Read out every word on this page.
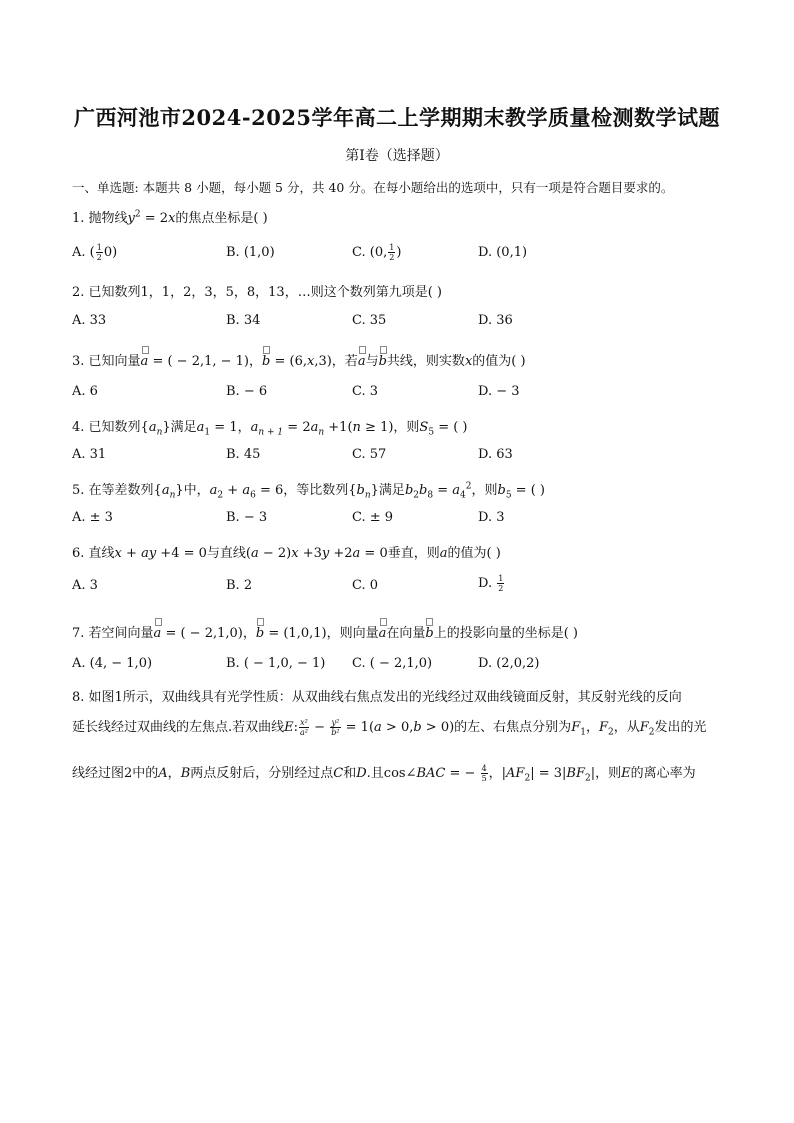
广西河池市2024-2025学年高二上学期期末教学质量检测数学试题
第I卷（选择题）
一、单选题: 本题共 8 小题，每小题 5 分，共 40 分。在每小题给出的选项中，只有一项是符合题目要求的。
1. 抛物线$y^2 = 2x$的焦点坐标是( )
A. ( $\frac{1}{2} 0$)	B. (1,0)	C. (0, $\frac{1}{2}$ )	D. (0,1)
2. 已知数列1，1，2，3，5，8，13，…则这个数列第九项是( )
A. 33	B. 34	C. 35	D. 36
3. 已知向量
a = ( − 2,1, − 1)，
b = (6,x,3)，若
a与
b共线，则实数x的值为( )
A. 6	B. − 6	C. 3	D. − 3
4. 已知数列$\{a_n\}$满足$a_1 = 1$，$a_{n + 1} = 2a_n +1(n \ge 1)$，则$S_5$ = ( )
A. 31	B. 45	C. 57	D. 63
5. 在等差数列$\{a_n\}$中，$a_2 + a_6 = 6$，等比数列$\{b_n\}$满足$b_2b_8 = a_4^2$，则$b_5$ = ( )
A. ± 3	B. − 3	C. ± 9	D. 3
6. 直线x + ay +4 = 0与直线(a − 2)x +3y +2a = 0垂直，则a的值为( )
A. 3	B. 2	C. 0	D. $\frac{1}{2}$
7. 若空间向量
a = ( − 2,1,0)，
b = (1,0,1)，则向量
a在向量
b上的投影向量的坐标是( )
A. (4, − 1,0)	B. ( − 1,0, − 1) C. ( − 2,1,0)	D. (2,0,2)
8. 如图1所示，双曲线具有光学性质：从双曲线右焦点发出的光线经过双曲线镜面反射，其反射光线的反向
延长线经过双曲线的左焦点.若双曲线E: $\frac{\text{x²}}{\text{a²}} - \frac{\text{y²}}{\text{b²}} = 1(a > 0,b > 0)$的左、右焦点分别为$F_1$，$F_2$，从$F_2$发出的光
线经过图2中的A，B两点反射后，分别经过点C和D.且cos∠BAC = − $\frac{4}{5}$ ，$|AF_2| = 3|BF_2|$，则E的离心率为
